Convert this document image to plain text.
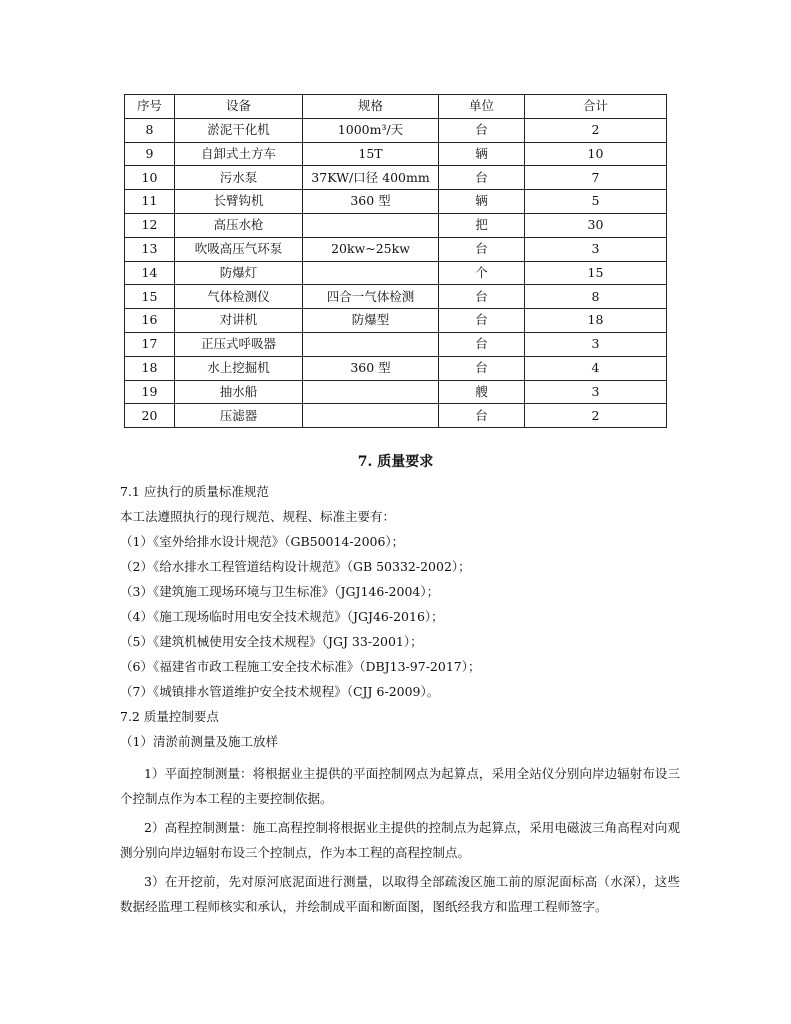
序号	设备	规格	单位	合计
8	淤泥干化机	1000m³/天	台	2
9	自卸式土方车	15T	辆	10
10	污水泵	37KW/口径 400mm	台	7
11	长臂钩机	360 型	辆	5
12	高压水枪		把	30
13	吹吸高压气环泵	20kw~25kw	台	3
14	防爆灯		个	15
15	气体检测仪	四合一气体检测	台	8
16	对讲机	防爆型	台	18
17	正压式呼吸器		台	3
18	水上挖掘机	360 型	台	4
19	抽水船		艘	3
20	压滤器		台	2
7. 质量要求
7.1 应执行的质量标准规范
本工法遵照执行的现行规范、规程、标准主要有：
（1）《室外给排水设计规范》（GB50014-2006）；
（2）《给水排水工程管道结构设计规范》（GB 50332-2002）；
（3）《建筑施工现场环境与卫生标准》（JGJ146-2004）；
（4）《施工现场临时用电安全技术规范》（JGJ46-2016）；
（5）《建筑机械使用安全技术规程》（JGJ 33-2001）；
（6）《福建省市政工程施工安全技术标准》（DBJ13-97-2017）；
（7）《城镇排水管道维护安全技术规程》（CJJ 6-2009）。
7.2 质量控制要点
（1）清淤前测量及施工放样
1）平面控制测量：将根据业主提供的平面控制网点为起算点，采用全站仪分别向岸边辐射布设三个控制点作为本工程的主要控制依据。
2）高程控制测量：施工高程控制将根据业主提供的控制点为起算点，采用电磁波三角高程对向观测分别向岸边辐射布设三个控制点，作为本工程的高程控制点。
3）在开挖前，先对原河底泥面进行测量，以取得全部疏浚区施工前的原泥面标高（水深），这些数据经监理工程师核实和承认，并绘制成平面和断面图，图纸经我方和监理工程师签字。
